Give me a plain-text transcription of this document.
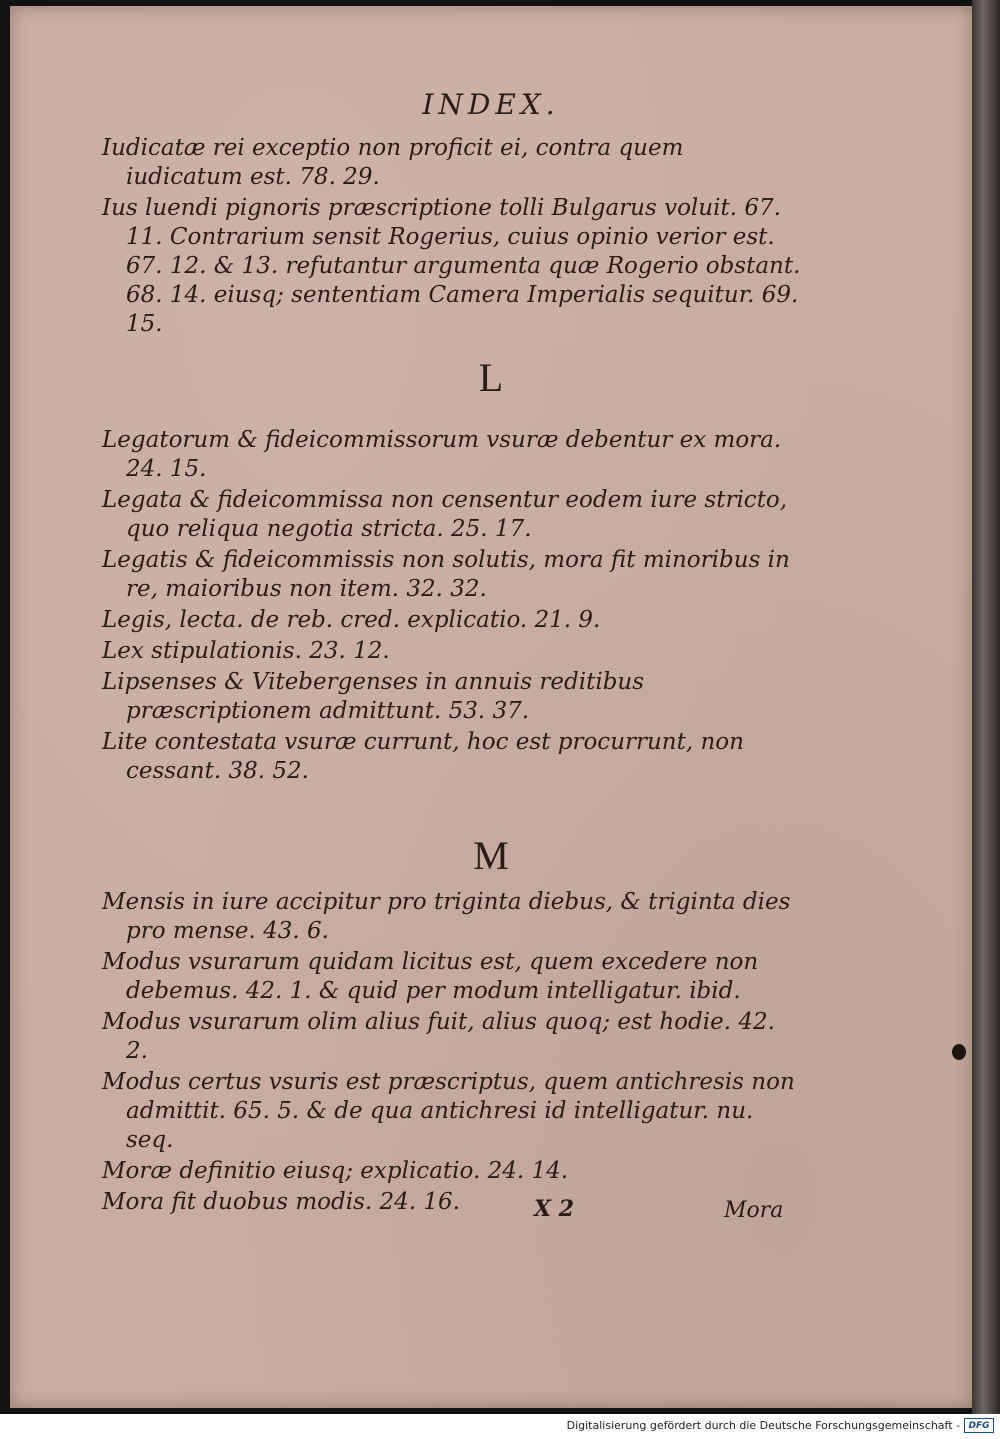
INDEX.

Iudicatæ rei exceptio non proficit ei, contra quem iudicatum est. 78. 29.

Ius luendi pignoris præscriptione tolli Bulgarus voluit. 67. 11. Contrarium sensit Rogerius, cuius opinio verior est. 67. 12. & 13. refutantur argumenta quæ Rogerio obstant. 68. 14. eiusq; sententiam Camera Imperialis sequitur. 69. 15.

L

Legatorum & fideicommissorum vsuræ debentur ex mora. 24. 15.

Legata & fideicommissa non censentur eodem iure stricto, quo reliqua negotia stricta. 25. 17.

Legatis & fideicommissis non solutis, mora fit minoribus in re, maioribus non item. 32. 32.

Legis, lecta. de reb. cred. explicatio. 21. 9.

Lex stipulationis. 23. 12.

Lipsenses & Vitebergenses in annuis reditibus præscriptionem admittunt. 53. 37.

Lite contestata vsuræ currunt, hoc est procurrunt, non cessant. 38. 52.

M

Mensis in iure accipitur pro triginta diebus, & triginta dies pro mense. 43. 6.

Modus vsurarum quidam licitus est, quem excedere non debemus. 42. 1. & quid per modum intelligatur. ibid.

Modus vsurarum olim alius fuit, alius quoq; est hodie. 42. 2.

Modus certus vsuris est præscriptus, quem antichresis non admittit. 65. 5. & de qua antichresi id intelligatur. nu. seq.

Moræ definitio eiusq; explicatio. 24. 14.

Mora fit duobus modis. 24. 16.	X 2	Mora
Digitalisierung gefördert durch die Deutsche Forschungsgemeinschaft - DFG
